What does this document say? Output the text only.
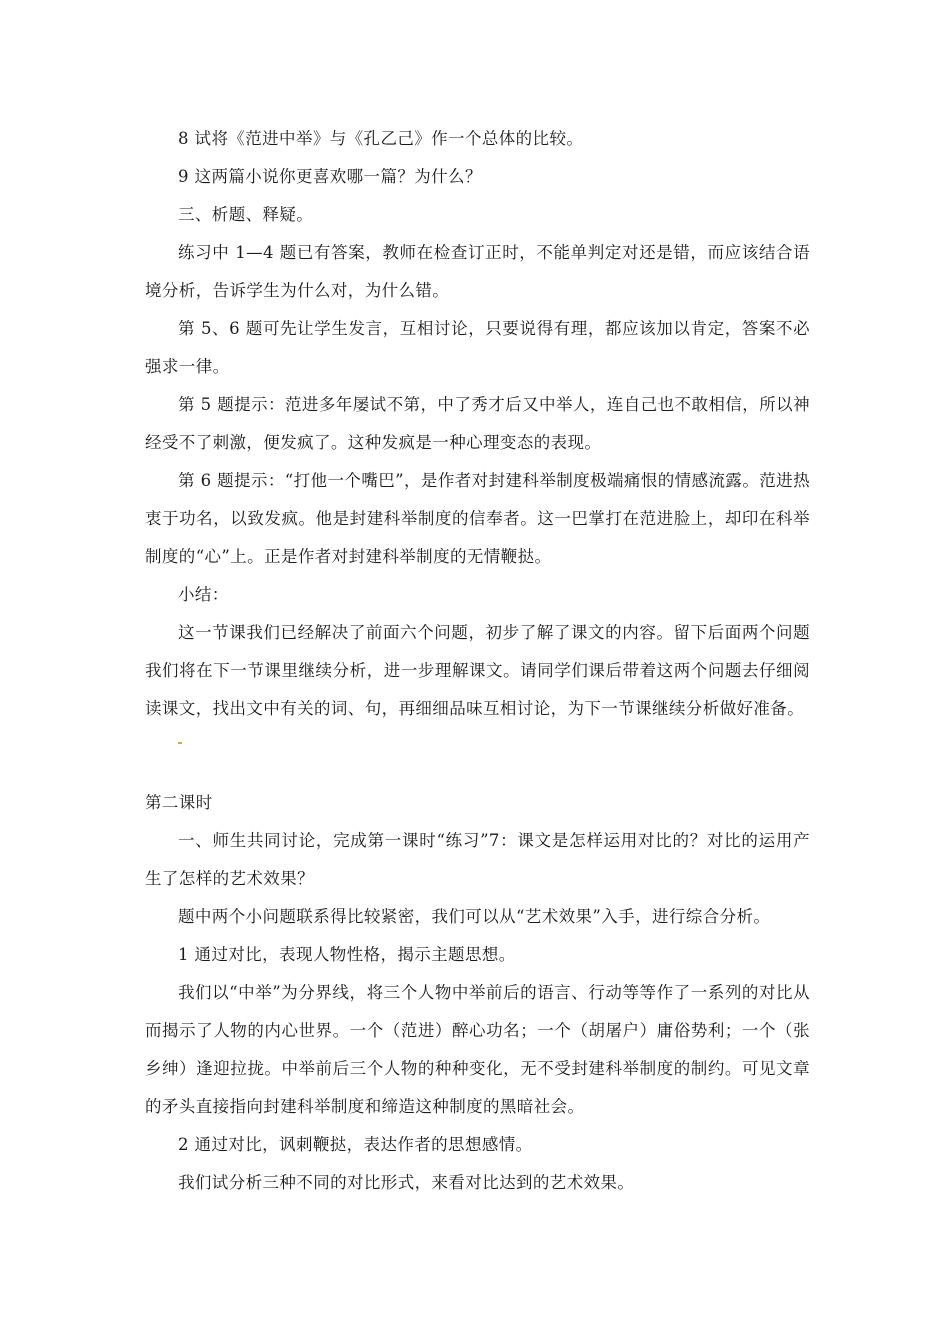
8 试将《范进中举》与《孔乙己》作一个总体的比较。

9 这两篇小说你更喜欢哪一篇？为什么？

三、析题、释疑。

练习中 1—4 题已有答案，教师在检查订正时，不能单判定对还是错，而应该结合语境分析，告诉学生为什么对，为什么错。

第 5、6 题可先让学生发言，互相讨论，只要说得有理，都应该加以肯定，答案不必强求一律。

第 5 题提示：范进多年屡试不第，中了秀才后又中举人，连自己也不敢相信，所以神经受不了刺激，便发疯了。这种发疯是一种心理变态的表现。

第 6 题提示：“打他一个嘴巴”，是作者对封建科举制度极端痛恨的情感流露。范进热衷于功名，以致发疯。他是封建科举制度的信奉者。这一巴掌打在范进脸上，却印在科举制度的“心”上。正是作者对封建科举制度的无情鞭挞。

小结：

这一节课我们已经解决了前面六个问题，初步了解了课文的内容。留下后面两个问题我们将在下一节课里继续分析，进一步理解课文。请同学们课后带着这两个问题去仔细阅读课文，找出文中有关的词、句，再细细品味互相讨论，为下一节课继续分析做好准备。

第二课时

一、师生共同讨论，完成第一课时“练习”7：课文是怎样运用对比的？对比的运用产生了怎样的艺术效果？

题中两个小问题联系得比较紧密，我们可以从“艺术效果”入手，进行综合分析。

1 通过对比，表现人物性格，揭示主题思想。

我们以“中举”为分界线，将三个人物中举前后的语言、行动等等作了一系列的对比从而揭示了人物的内心世界。一个（范进）醉心功名；一个（胡屠户）庸俗势利；一个（张乡绅）逢迎拉拢。中举前后三个人物的种种变化，无不受封建科举制度的制约。可见文章的矛头直接指向封建科举制度和缔造这种制度的黑暗社会。

2 通过对比，讽刺鞭挞，表达作者的思想感情。

我们试分析三种不同的对比形式，来看对比达到的艺术效果。
